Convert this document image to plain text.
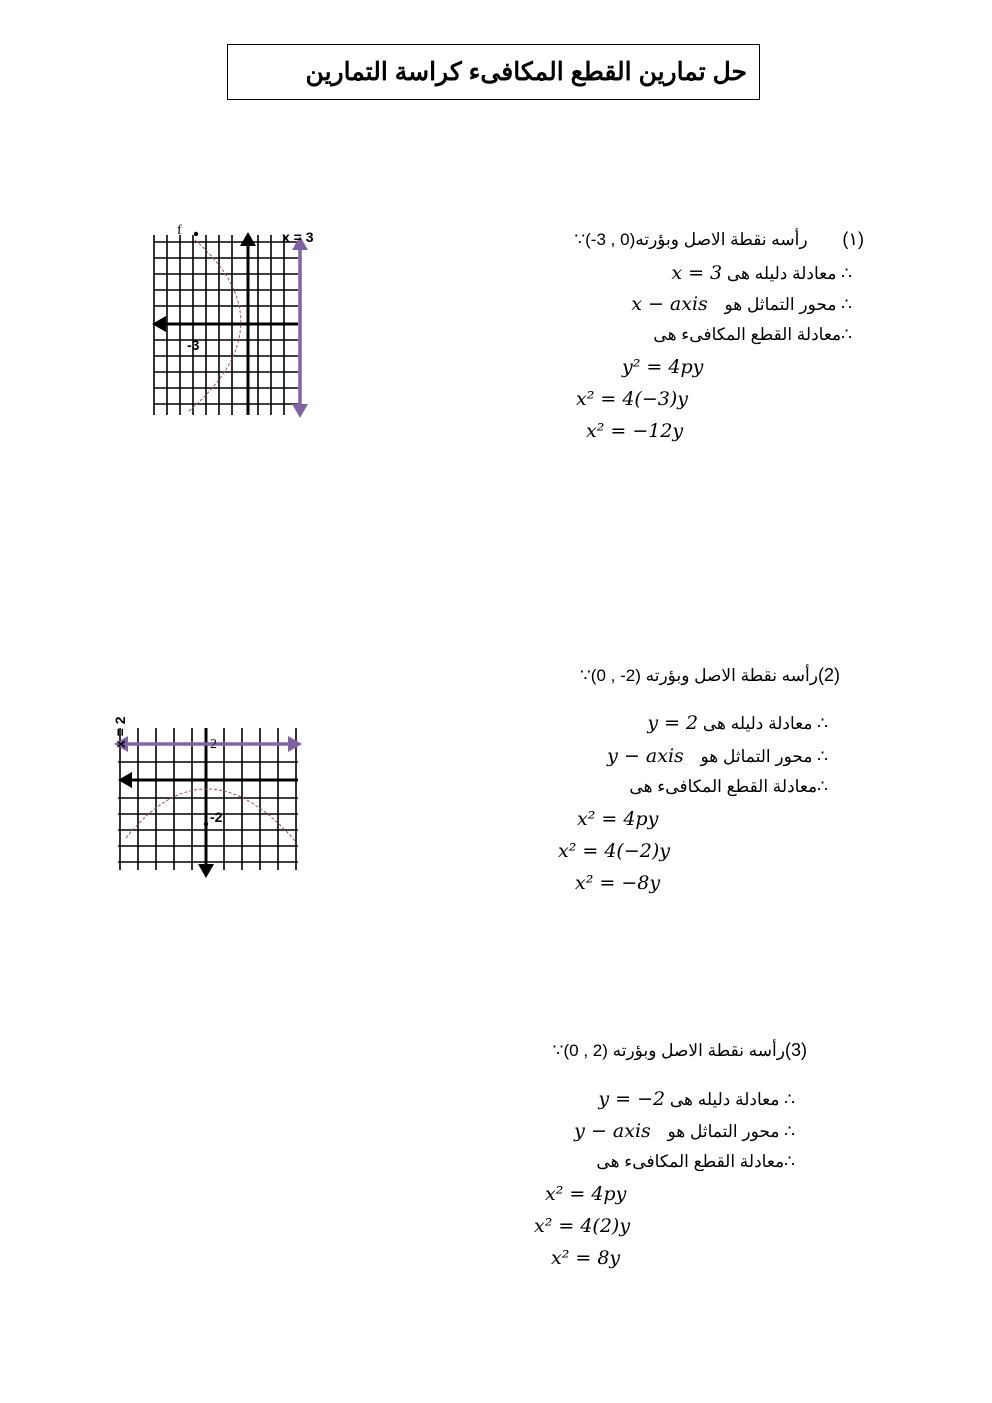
حل تمارين القطع المكافىء كراسة التمارين
(١) رأسه نقطة الاصل وبؤرته(0 , 3-)∵
∴ معادلة دليله هى x = 3
∴ محور التماثل هو x − axis
∴معادلة القطع المكافىء هى
y² = 4py
x² = 4(−3)y
x² = −12y
f
-3
x = 3
(2)رأسه نقطة الاصل وبؤرته (2- , 0)∵
∴ معادلة دليله هى y = 2
∴ محور التماثل هو y − axis
∴معادلة القطع المكافىء هى
x² = 4py
x² = 4(−2)y
x² = −8y
2
-2
x = 2
(3)رأسه نقطة الاصل وبؤرته (2 , 0)∵
∴ معادلة دليله هى y = −2
∴ محور التماثل هو y − axis
∴معادلة القطع المكافىء هى
x² = 4py
x² = 4(2)y
x² = 8y
